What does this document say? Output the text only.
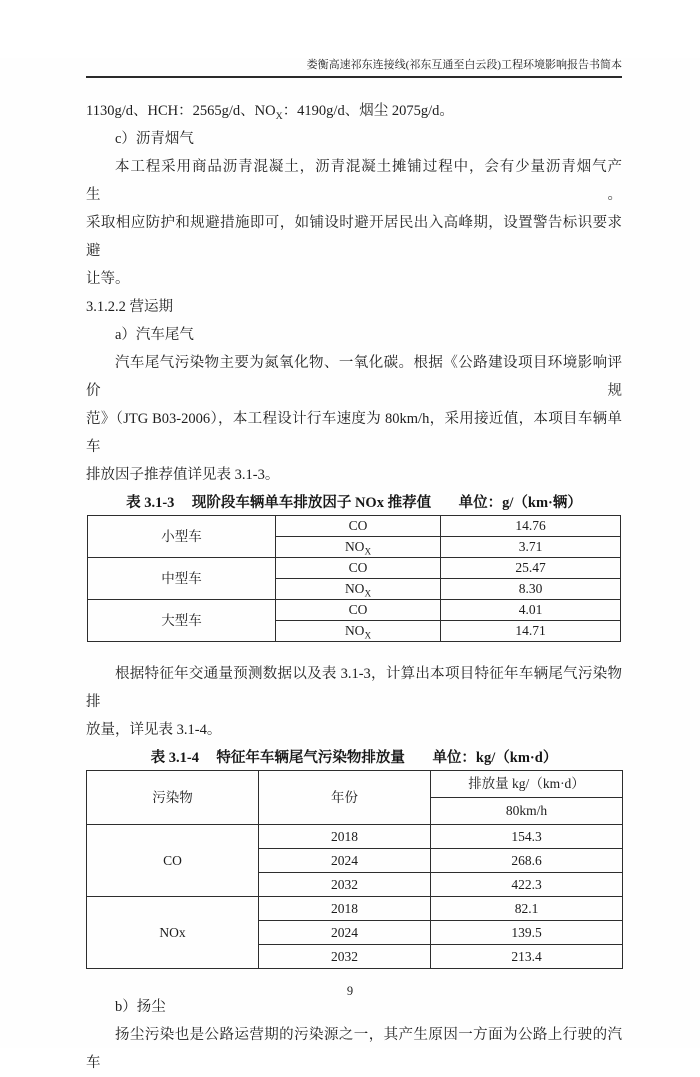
娄衡高速祁东连接线(祁东互通至白云段)工程环境影响报告书简本
1130g/d、HCH：2565g/d、$NO_X$：4190g/d、烟尘 2075g/d。
c）沥青烟气
本工程采用商品沥青混凝土，沥青混凝土摊铺过程中，会有少量沥青烟气产生。
采取相应防护和规避措施即可，如铺设时避开居民出入高峰期，设置警告标识要求避
让等。
3.1.2.2 营运期
a）汽车尾气
汽车尾气污染物主要为氮氧化物、一氧化碳。根据《公路建设项目环境影响评价规
范》（JTG B03-2006），本工程设计行车速度为 80km/h，采用接近值，本项目车辆单车
排放因子推荐值详见表 3.1-3。
表 3.1-3 现阶段车辆单车排放因子 NOx 推荐值 单位：g/（km·辆）
小型车	CO	14.76
	$NO_X$	3.71
中型车	CO	25.47
	$NO_X$	8.30
大型车	CO	4.01
	$NO_X$	14.71
根据特征年交通量预测数据以及表 3.1-3，计算出本项目特征年车辆尾气污染物排
放量，详见表 3.1-4。
表 3.1-4 特征年车辆尾气污染物排放量 单位：kg/（km·d）
污染物	年份	排放量 kg/（km·d）
		80km/h
CO	2018	154.3
	2024	268.6
	2032	422.3
NOx	2018	82.1
	2024	139.5
	2032	213.4
b）扬尘
扬尘污染也是公路运营期的污染源之一，其产生原因一方面为公路上行驶的汽车
9
